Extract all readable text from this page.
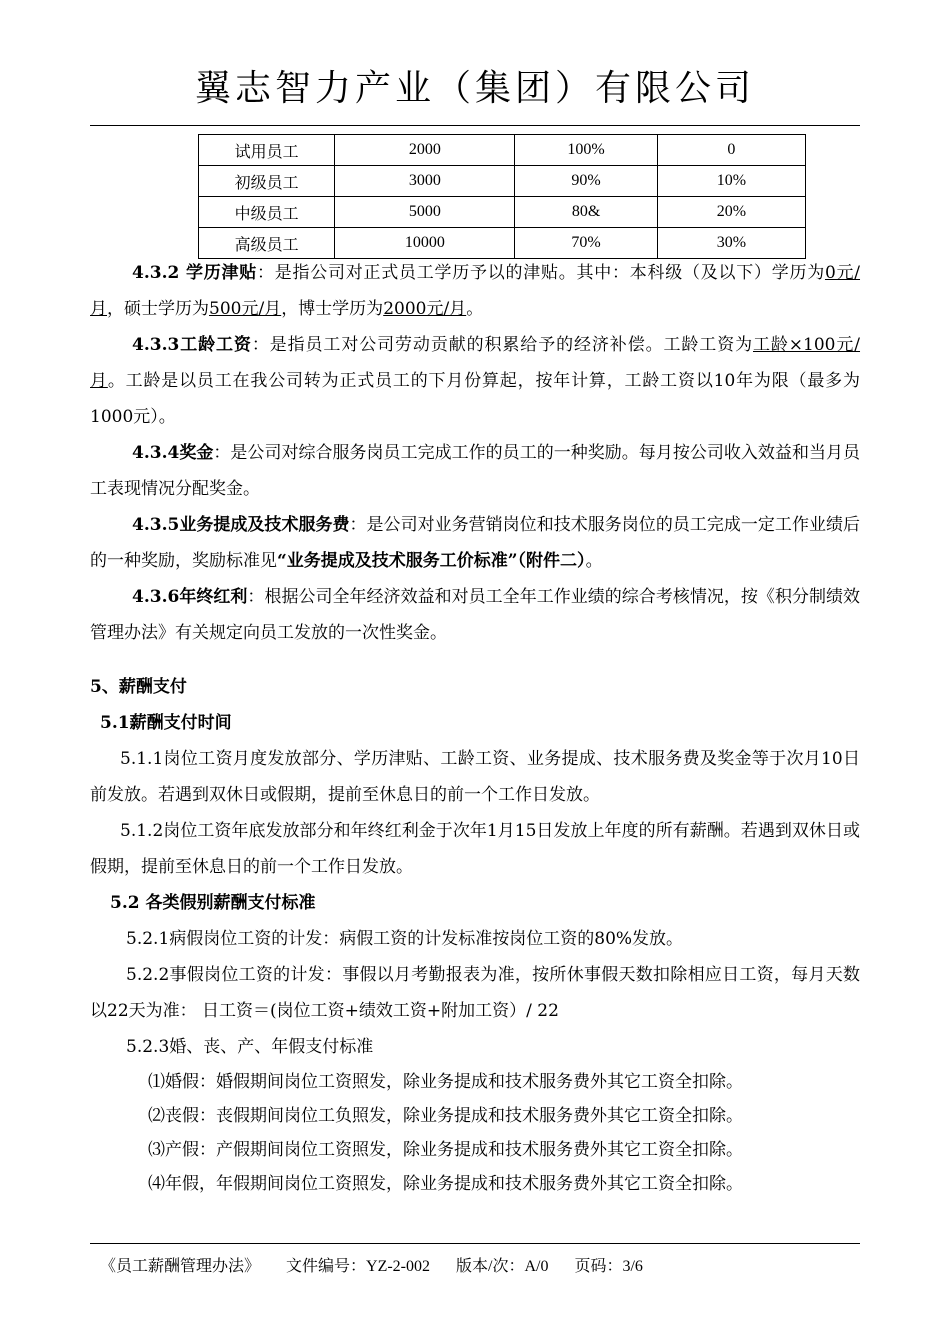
翼志智力产业（集团）有限公司
试用员工	2000	100%	0
初级员工	3000	90%	10%
中级员工	5000	80&	20%
高级员工	10000	70%	30%
4.3.2 学历津贴：是指公司对正式员工学历予以的津贴。其中：本科级（及以下）学历为0元/月，硕士学历为500元/月，博士学历为2000元/月。
4.3.3工龄工资：是指员工对公司劳动贡献的积累给予的经济补偿。工龄工资为工龄×100元/月。工龄是以员工在我公司转为正式员工的下月份算起，按年计算，工龄工资以10年为限（最多为1000元）。
4.3.4奖金：是公司对综合服务岗员工完成工作的员工的一种奖励。每月按公司收入效益和当月员工表现情况分配奖金。
4.3.5业务提成及技术服务费：是公司对业务营销岗位和技术服务岗位的员工完成一定工作业绩后的一种奖励，奖励标准见“业务提成及技术服务工价标准”（附件二）。
4.3.6年终红利：根据公司全年经济效益和对员工全年工作业绩的综合考核情况，按《积分制绩效管理办法》有关规定向员工发放的一次性奖金。
5、薪酬支付
5.1薪酬支付时间
5.1.1岗位工资月度发放部分、学历津贴、工龄工资、业务提成、技术服务费及奖金等于次月10日前发放。若遇到双休日或假期，提前至休息日的前一个工作日发放。
5.1.2岗位工资年底发放部分和年终红利金于次年1月15日发放上年度的所有薪酬。若遇到双休日或假期，提前至休息日的前一个工作日发放。
5.2 各类假别薪酬支付标准
5.2.1病假岗位工资的计发：病假工资的计发标准按岗位工资的80%发放。
5.2.2事假岗位工资的计发：事假以月考勤报表为准，按所休事假天数扣除相应日工资，每月天数以22天为准： 日工资＝(岗位工资+绩效工资+附加工资）/ 22
5.2.3婚、丧、产、年假支付标准
⑴婚假：婚假期间岗位工资照发，除业务提成和技术服务费外其它工资全扣除。
⑵丧假：丧假期间岗位工负照发，除业务提成和技术服务费外其它工资全扣除。
⑶产假：产假期间岗位工资照发，除业务提成和技术服务费外其它工资全扣除。
⑷年假，年假期间岗位工资照发，除业务提成和技术服务费外其它工资全扣除。
《员工薪酬管理办法》 文件编号：YZ-2-002 版本/次：A/0 页码：3/6
